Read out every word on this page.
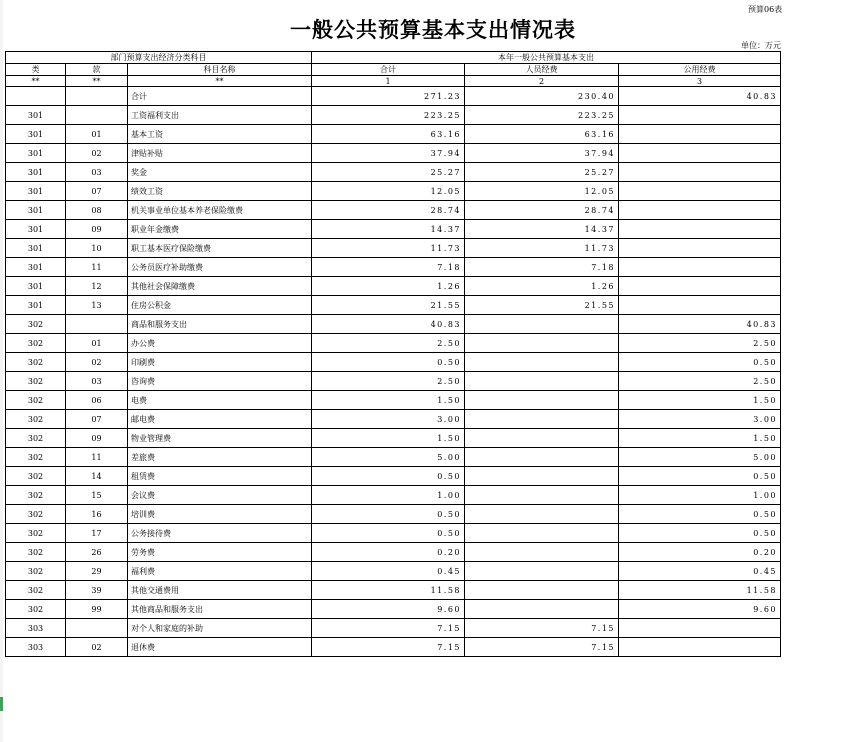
预算06表
一般公共预算基本支出情况表
单位：万元
部门预算支出经济分类科目			本年一般公共预算基本支出		
类	款	科目名称	合计	人员经费	公用经费
**	**	**	1	2	3
		合计	271.23	230.40	40.83
301		工资福利支出	223.25	223.25	
301	01	基本工资	63.16	63.16	
301	02	津贴补贴	37.94	37.94	
301	03	奖金	25.27	25.27	
301	07	绩效工资	12.05	12.05	
301	08	机关事业单位基本养老保险缴费	28.74	28.74	
301	09	职业年金缴费	14.37	14.37	
301	10	职工基本医疗保险缴费	11.73	11.73	
301	11	公务员医疗补助缴费	7.18	7.18	
301	12	其他社会保障缴费	1.26	1.26	
301	13	住房公积金	21.55	21.55	
302		商品和服务支出	40.83		40.83
302	01	办公费	2.50		2.50
302	02	印刷费	0.50		0.50
302	03	咨询费	2.50		2.50
302	06	电费	1.50		1.50
302	07	邮电费	3.00		3.00
302	09	物业管理费	1.50		1.50
302	11	差旅费	5.00		5.00
302	14	租赁费	0.50		0.50
302	15	会议费	1.00		1.00
302	16	培训费	0.50		0.50
302	17	公务接待费	0.50		0.50
302	26	劳务费	0.20		0.20
302	29	福利费	0.45		0.45
302	39	其他交通费用	11.58		11.58
302	99	其他商品和服务支出	9.60		9.60
303		对个人和家庭的补助	7.15	7.15	
303	02	退休费	7.15	7.15	
